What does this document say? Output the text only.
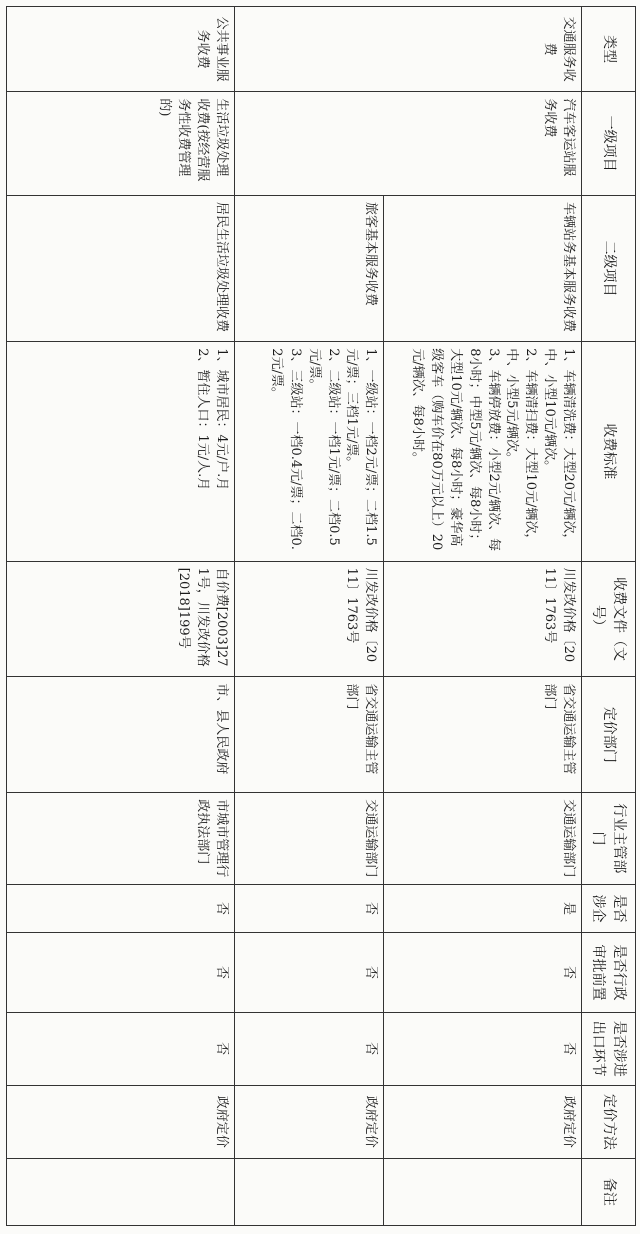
类型	一级项目	二级项目	收费标准	收费文件（文号）	定价部门	行业主管部门	是否涉企	是否行政审批前置	是否涉进出口环节	定价方法	备注
交通服务收费	汽车客运站服务收费	车辆站务基本服务收费	1、车辆清洗费：大型20元/辆次，中、小型10元/辆次。

2、车辆清扫费：大型10元/辆次，中、小型5元/辆次。

3、车辆停放费：小型2元/辆次、每8小时；中型5元/辆次、每8小时；大型10元/辆次、每8小时；豪华高级客车（购车价在80万元以上）20元/辆次、每8小时。	川发改价格〔2011〕1763号	省交通运输主管部门	交通运输部门	是	否	否	政府定价	
		旅客基本服务收费	1、一级站：一档2元/票；二档1.5元/票；三档1元/票。

2、二级站：一档1元/票；二档0.5元/票。

3、三级站：一档0.4元/票；二档0.2元/票。	川发改价格〔2011〕1763号	省交通运输主管部门	交通运输部门	否	否	否	政府定价	
公共事业服务收费	生活垃圾处理收费(按经营服务性收费管理的)	居民生活垃圾处理收费	1、城市居民：4元/户.月

2、暂住人口：1元/人.月	自价费[2003]271号，川发改价格[2018]199号	市、县人民政府	市城市管理行政执法部门	否	否	否	政府定价	
